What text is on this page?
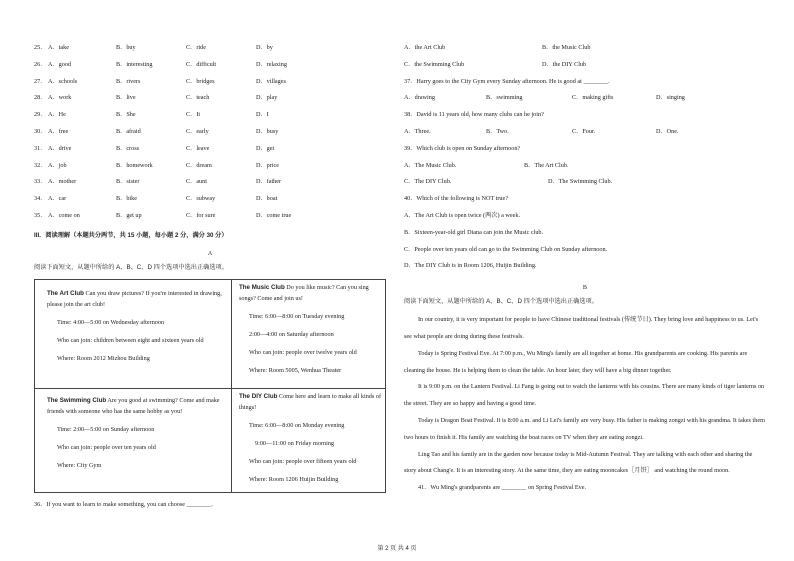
25． A．take	B．buy	C．ride	D．by
26． A．good	B．interesting	C．difficult	D．relaxing
27． A．schools	B．rivers	C．bridges	D．villages
28． A．work	B．live	C．teach	D．play
29． A．He	B．She	C．It	D．I
30． A．free	B．afraid	C．early	D．busy
31． A．drive	B．cross	C．leave	D．get
32． A．job	B．homework	C．dream	D．price
33． A．mother	B．sister	C．aunt	D．father
34． A．car	B．bike	C．subway	D．boat
35． A．come on	B．get up	C．for sure	D．come true
III．阅读理解（本题共分两节，共 15 小题，每小题 2 分，满分 30 分）
A
阅读下面短文，从题中所给的 A、B、C、D 四个选项中选出正确选项。
The Art Club Can you draw pictures? If you're interested in drawing, please join the art club!
Time: 4:00—5:00 on Wednesday afternoon
Who can join: children between eight and sixteen years old
Where: Room 2012 Mizhou Building
The Music Club Do you like music? Can you sing songs? Come and join us!
Time: 6:00—8:00 on Tuesday evening
2:00—4:00 on Saturday afternoon
Who can join: people over twelve years old
Where: Room 5005, Wenhua Theater
The Swimming Club Are you good at swimming? Come and make friends with someone who has the same hobby as you!
Time: 2:00—5:00 on Sunday afternoon
Who can join: people over ten years old
Where: City Gym
The DIY Club Come here and learn to make all kinds of things!
Time: 6:00—8:00 on Monday evening
9:00—11:00 on Friday morning
Who can join: people over fifteen years old
Where: Room 1206 Huijin Building
36．If you want to learn to make something, you can choose ________.
A．the Art Club	B．the Music Club
C．the Swimming Club	D．the DIY Club
37．Harry goes to the City Gym every Sunday afternoon. He is good at ________.
A．drawing	B．swimming	C．making gifts	D．singing
38．David is 11 years old, how many clubs can he join?
A．Three.	B．Two.	C．Four.	D．One.
39．Which club is open on Sunday afternoon?
A．The Music Club.	B．The Art Club.
C．The DIY Club.	D．The Swimming Club.
40．Which of the following is NOT true?
A．The Art Club is open twice (两次) a week.
B．Sixteen-year-old girl Diana can join the Music club.
C．People over ten years old can go to the Swimming Club on Sunday afternoon.
D．The DIY Club is in Room 1206, Huijin Building.
B
阅读下面短文，从题中所给的 A、B、C、D 四个选项中选出正确选项。
In our country, it is very important for people to have Chinese traditional festivals (传统节日). They bring love and happiness to us. Let's see what people are doing during these festivals.
Today is Spring Festival Eve. At 7:00 p.m., Wu Ming's family are all together at home. His grandparents are cooking. His parents are cleaning the house. He is helping them to clean the table. An hour later, they will have a big dinner together.
It is 9:00 p.m. on the Lantern Festival. Li Fang is going out to watch the lanterns with his cousins. There are many kinds of tiger lanterns on the street. They are so happy and having a good time.
Today is Dragon Boat Festival. It is 8:00 a.m. and Li Lei's family are very busy. His father is making zongzi with his grandma. It takes them two hours to finish it. His family are watching the boat races on TV when they are eating zongzi.
Ling Tao and his family are in the garden now because today is Mid-Autumn Festival. They are talking with each other and sharing the story about Chang'e. It is an interesting story. At the same time, they are eating mooncakes［月饼］ and watching the round moon.
41．Wu Ming's grandparents are ________ on Spring Festival Eve.
第 2 页 共 4 页
